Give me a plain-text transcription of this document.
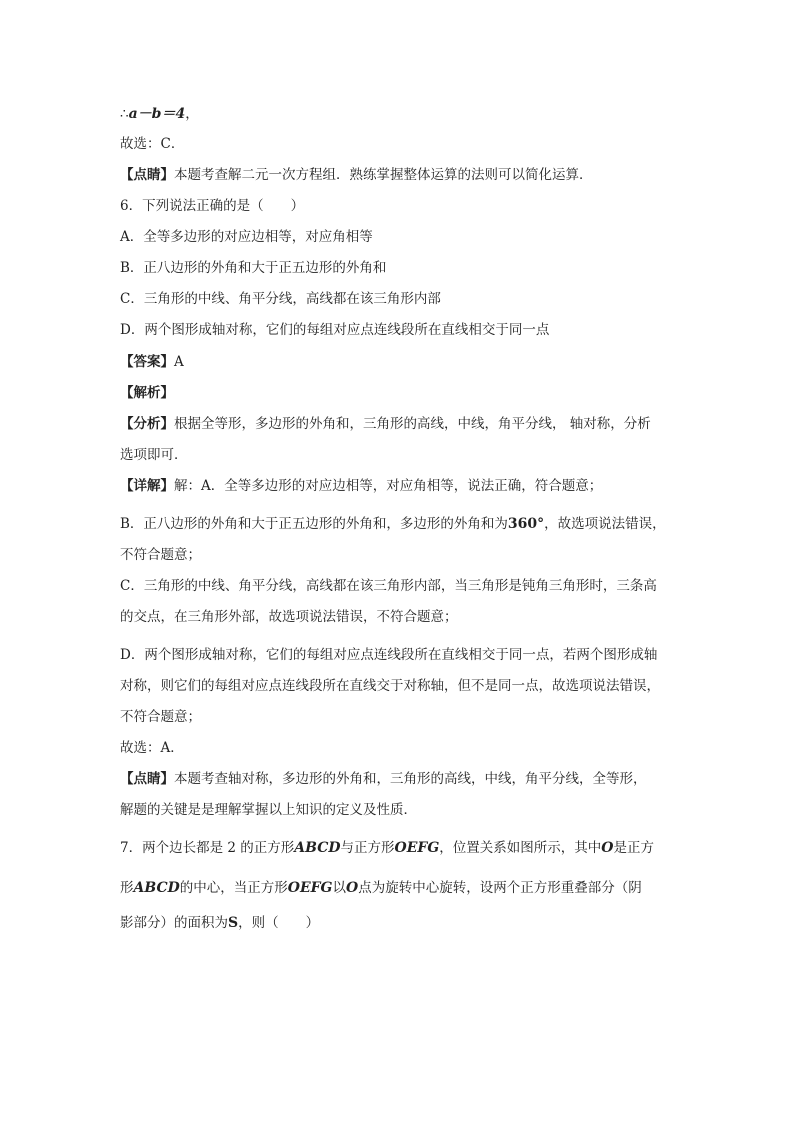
∴a－b＝4，
故选：C．
【点睛】本题考查解二元一次方程组．熟练掌握整体运算的法则可以简化运算．
6．下列说法正确的是（　　）
A．全等多边形的对应边相等，对应角相等
B．正八边形的外角和大于正五边形的外角和
C．三角形的中线、角平分线，高线都在该三角形内部
D．两个图形成轴对称，它们的每组对应点连线段所在直线相交于同一点
【答案】A
【解析】
【分析】根据全等形，多边形的外角和，三角形的高线，中线，角平分线， 轴对称，分析
选项即可．
【详解】解：A．全等多边形的对应边相等，对应角相等，说法正确，符合题意；
B．正八边形的外角和大于正五边形的外角和，多边形的外角和为360°，故选项说法错误，
不符合题意；
C．三角形的中线、角平分线，高线都在该三角形内部，当三角形是钝角三角形时，三条高
的交点，在三角形外部，故选项说法错误，不符合题意；
D．两个图形成轴对称，它们的每组对应点连线段所在直线相交于同一点，若两个图形成轴
对称，则它们的每组对应点连线段所在直线交于对称轴，但不是同一点，故选项说法错误，
不符合题意；
故选：A．
【点睛】本题考查轴对称，多边形的外角和，三角形的高线，中线，角平分线，全等形，
解题的关键是是理解掌握以上知识的定义及性质．
7．两个边长都是 2 的正方形ABCD与正方形OEFG，位置关系如图所示，其中O是正方
形ABCD的中心，当正方形OEFG以O点为旋转中心旋转，设两个正方形重叠部分（阴
影部分）的面积为S，则（　　）
